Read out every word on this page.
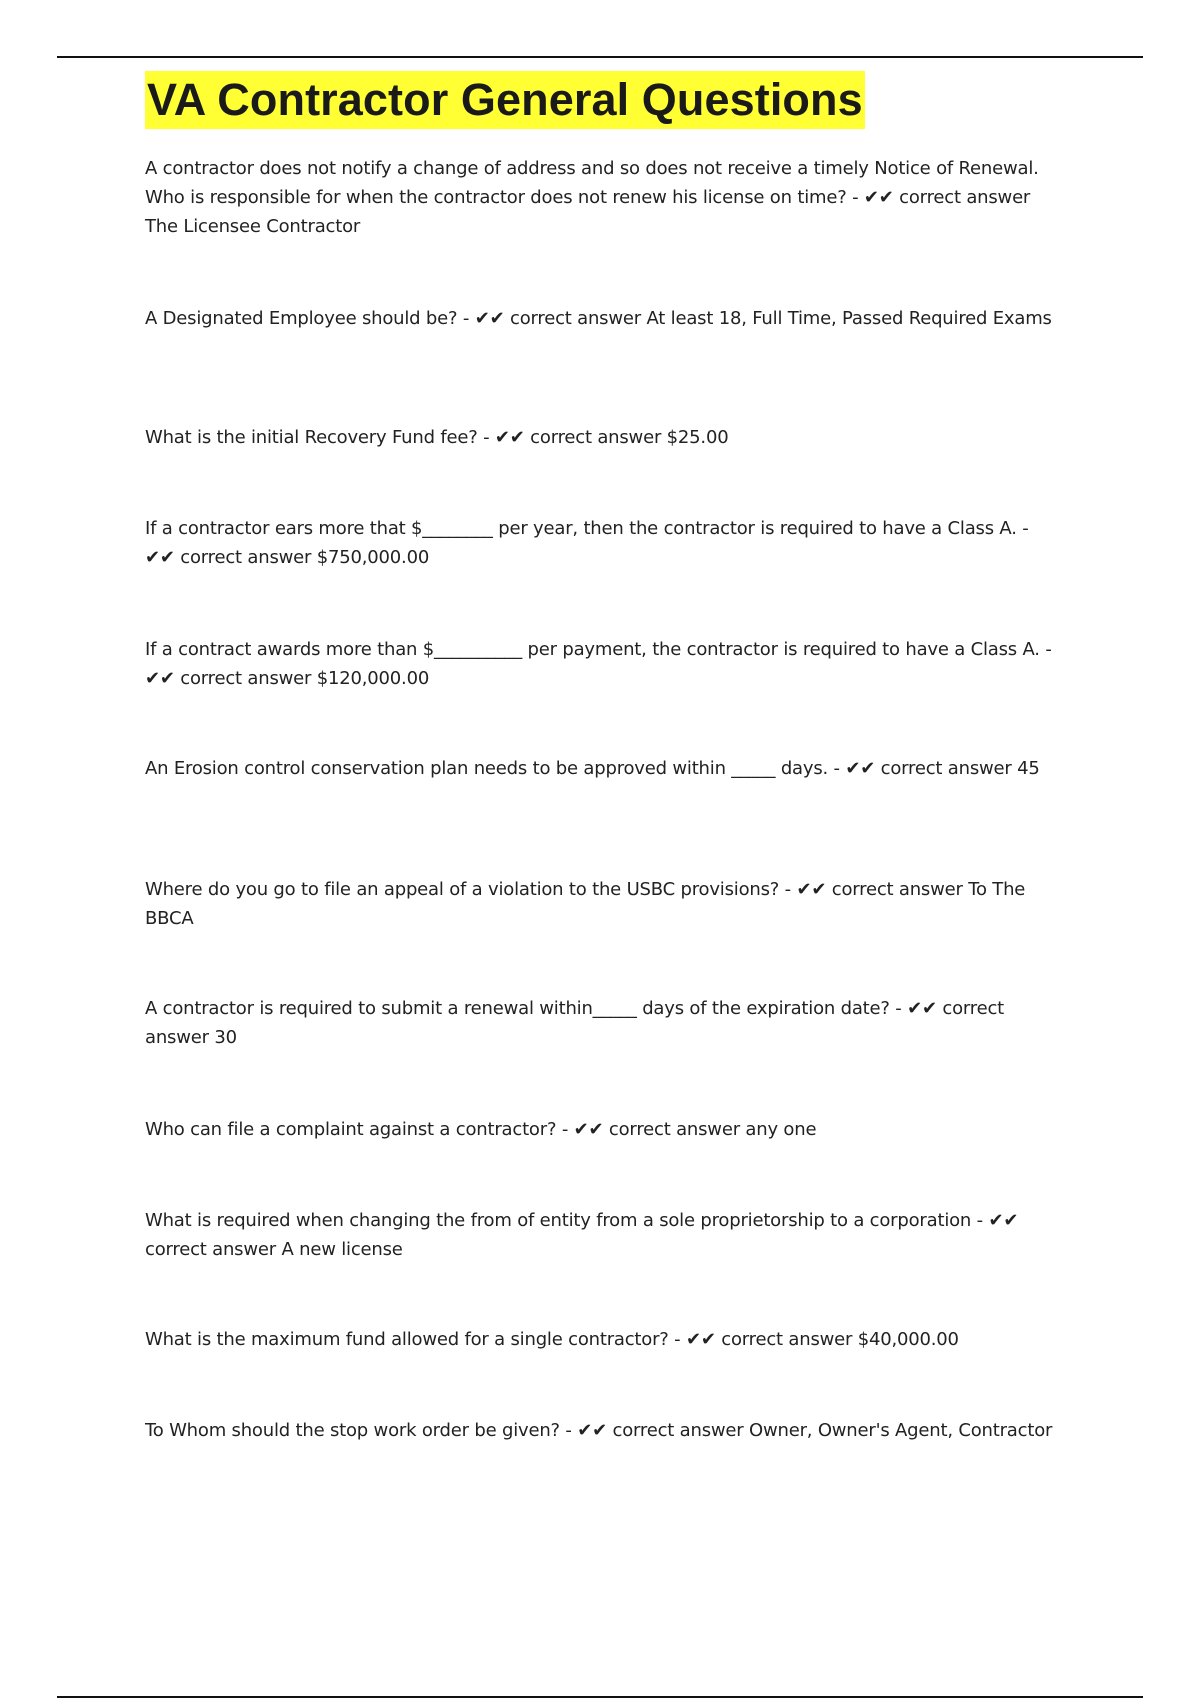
VA Contractor General Questions

A contractor does not notify a change of address and so does not receive a timely Notice of Renewal. Who is responsible for when the contractor does not renew his license on time? - ✔✔ correct answer The Licensee Contractor

A Designated Employee should be? - ✔✔ correct answer At least 18, Full Time, Passed Required Exams

What is the initial Recovery Fund fee? - ✔✔ correct answer $25.00

If a contractor ears more that $________ per year, then the contractor is required to have a Class A. - ✔✔ correct answer $750,000.00

If a contract awards more than $__________ per payment, the contractor is required to have a Class A. - ✔✔ correct answer $120,000.00

An Erosion control conservation plan needs to be approved within _____ days. - ✔✔ correct answer 45

Where do you go to file an appeal of a violation to the USBC provisions? - ✔✔ correct answer To The BBCA

A contractor is required to submit a renewal within_____ days of the expiration date? - ✔✔ correct answer 30

Who can file a complaint against a contractor? - ✔✔ correct answer any one

What is required when changing the from of entity from a sole proprietorship to a corporation - ✔✔ correct answer A new license

What is the maximum fund allowed for a single contractor? - ✔✔ correct answer $40,000.00

To Whom should the stop work order be given? - ✔✔ correct answer Owner, Owner's Agent, Contractor
